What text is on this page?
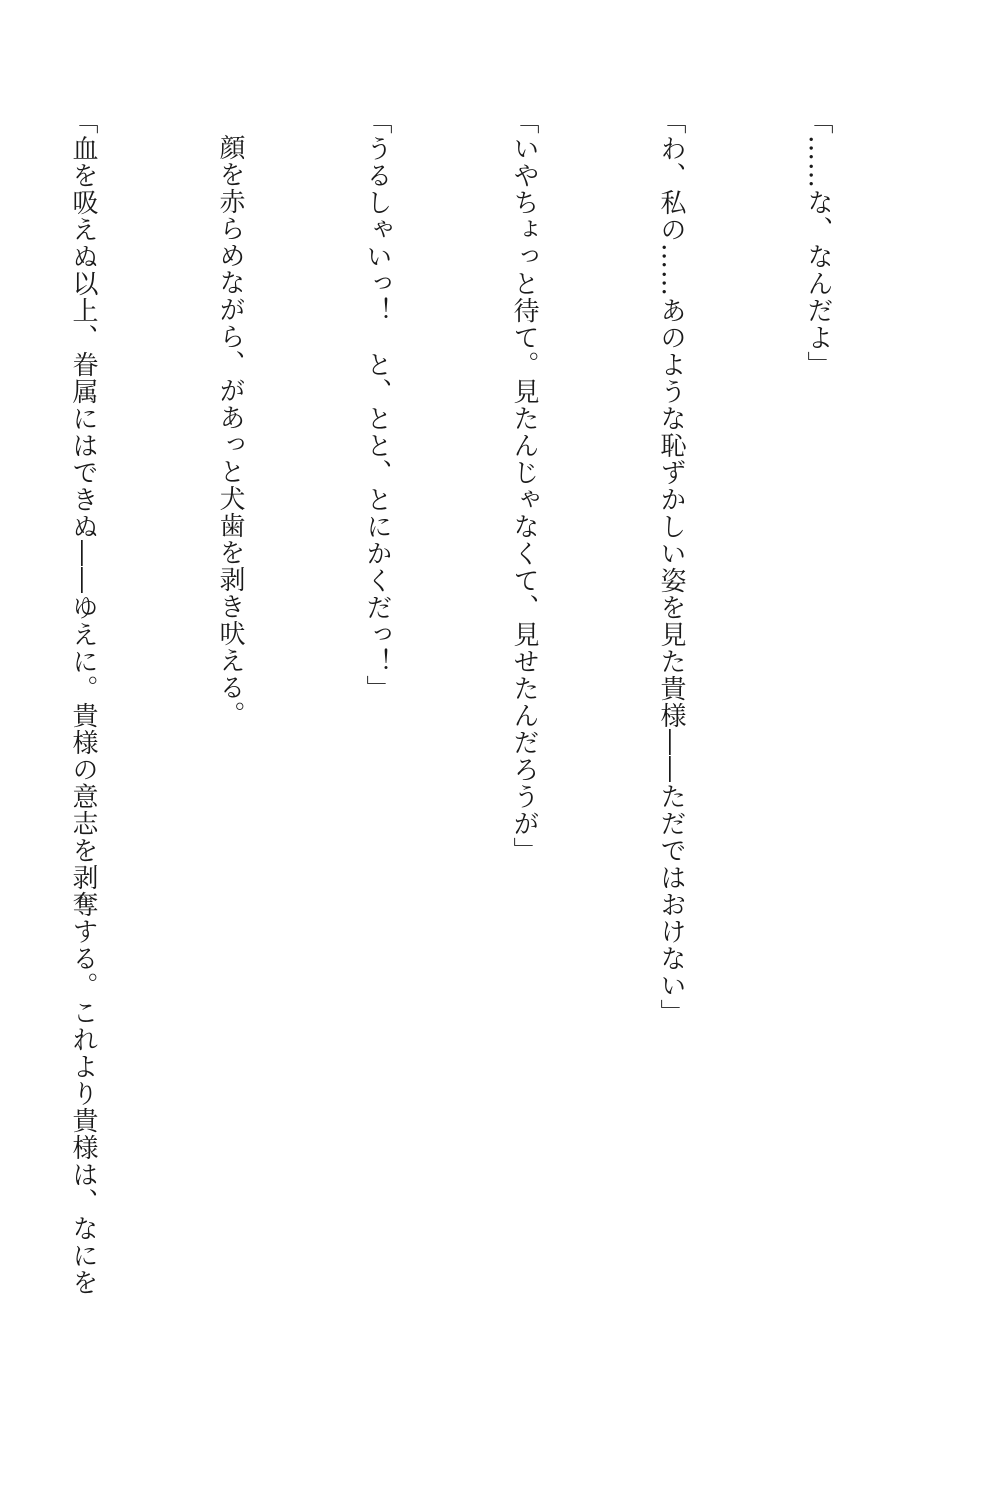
「……な、なんだよ」

「わ、私の……あのような恥ずかしい姿を見た貴様――ただではおけない」

「いやちょっと待て。見たんじゃなくて、見せたんだろうが」

「うるしゃいっ！　と、とと、とにかくだっ！」

顔を赤らめながら、があっと犬歯を剥き吠える。

「血を吸えぬ以上、眷属にはできぬ――ゆえに。貴様の意志を剥奪する。これより貴様は、なにを
